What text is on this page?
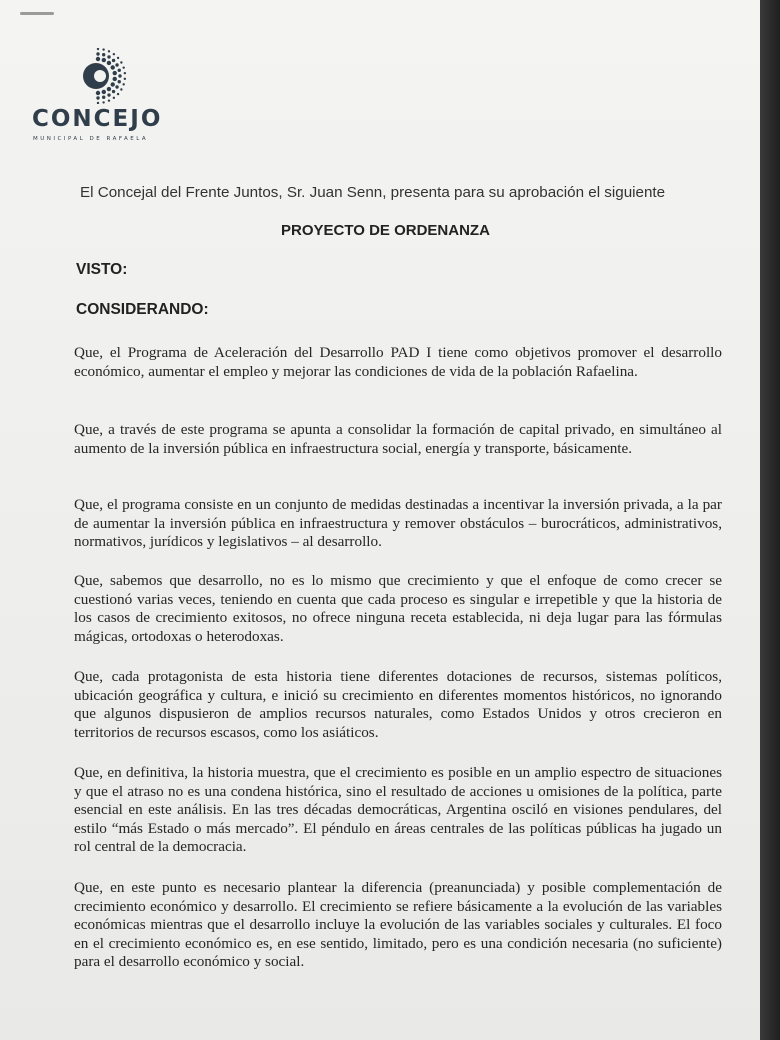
CONCEJO
MUNICIPAL DE RAFAELA
El Concejal del Frente Juntos, Sr. Juan Senn, presenta para su aprobación el siguiente
PROYECTO DE ORDENANZA
VISTO:
CONSIDERANDO:
Que, el Programa de Aceleración del Desarrollo PAD I tiene como objetivos promover el desarrollo económico, aumentar el empleo y mejorar las condiciones de vida de la población Rafaelina.
Que, a través de este programa se apunta a consolidar la formación de capital privado, en simultáneo al aumento de la inversión pública en infraestructura social, energía y transporte, básicamente.
Que, el programa consiste en un conjunto de medidas destinadas a incentivar la inversión privada, a la par de aumentar la inversión pública en infraestructura y remover obstáculos – burocráticos, administrativos, normativos, jurídicos y legislativos – al desarrollo.
Que, sabemos que desarrollo, no es lo mismo que crecimiento y que el enfoque de como crecer se cuestionó varias veces, teniendo en cuenta que cada proceso es singular e irrepetible y que la historia de los casos de crecimiento exitosos, no ofrece ninguna receta establecida, ni deja lugar para las fórmulas mágicas, ortodoxas o heterodoxas.
Que, cada protagonista de esta historia tiene diferentes dotaciones de recursos, sistemas políticos, ubicación geográfica y cultura, e inició su crecimiento en diferentes momentos históricos, no ignorando que algunos dispusieron de amplios recursos naturales, como Estados Unidos y otros crecieron en territorios de recursos escasos, como los asiáticos.
Que, en definitiva, la historia muestra, que el crecimiento es posible en un amplio espectro de situaciones y que el atraso no es una condena histórica, sino el resultado de acciones u omisiones de la política, parte esencial en este análisis. En las tres décadas democráticas, Argentina osciló en visiones pendulares, del estilo “más Estado o más mercado”. El péndulo en áreas centrales de las políticas públicas ha jugado un rol central de la democracia.
Que, en este punto es necesario plantear la diferencia (preanunciada) y posible complementación de crecimiento económico y desarrollo. El crecimiento se refiere básicamente a la evolución de las variables económicas mientras que el desarrollo incluye la evolución de las variables sociales y culturales. El foco en el crecimiento económico es, en ese sentido, limitado, pero es una condición necesaria (no suficiente) para el desarrollo económico y social.
